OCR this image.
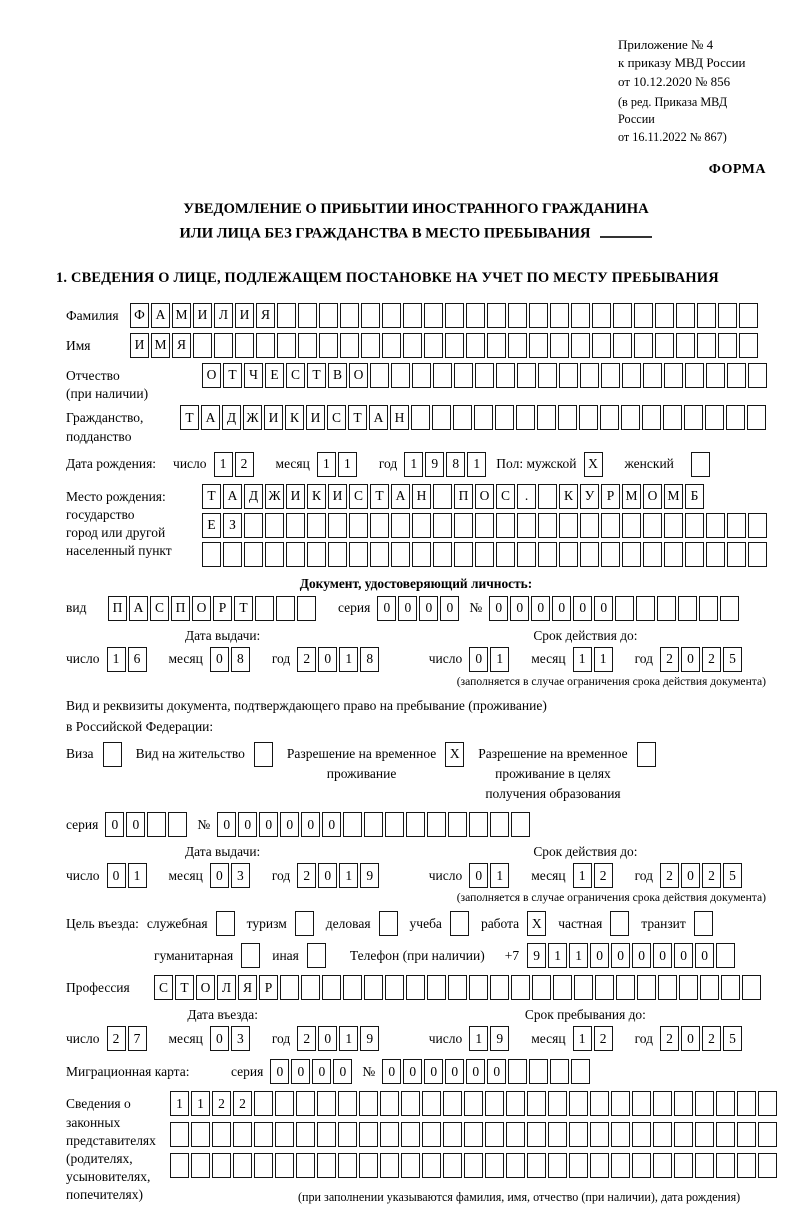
Приложение № 4
к приказу МВД России
от 10.12.2020 № 856
(в ред. Приказа МВД России
от 16.11.2022 № 867)
ФОРМА
УВЕДОМЛЕНИЕ О ПРИБЫТИИ ИНОСТРАННОГО ГРАЖДАНИНА
ИЛИ ЛИЦА БЕЗ ГРАЖДАНСТВА В МЕСТО ПРЕБЫВАНИЯ
1. СВЕДЕНИЯ О ЛИЦЕ, ПОДЛЕЖАЩЕМ ПОСТАНОВКЕ НА УЧЕТ ПО МЕСТУ ПРЕБЫВАНИЯ
Фамилия	Ф А М И Л И Я
Имя	И М Я
Отчество
(при наличии)
О Т Ч Е С Т В О
Гражданство,
подданство
Т А Д Ж И К И С Т А Н
Дата рождения:	число 1	2	месяц 1	1	год 1	9	8	1	Пол: мужской X	женский
Место рождения:
государство
город или другой
населенный пункт
Т А Д Ж И К И С Т А Н	П О С	.	К У Р М О М Б
Е З
Документ, удостоверяющий личность:
вид	П А С П О Р Т	серия 0	0	0	0	№ 0	0	0	0	0	0
Дата выдачи:
число 1	6	месяц 0	8	год 2	0	1	8
Срок действия до:
число 0	1	месяц 1	1	год 2	0	2	5
(заполняется в случае ограничения срока действия документа)
Вид и реквизиты документа, подтверждающего право на пребывание (проживание)
в Российской Федерации:
Виза	Вид на жительство	Разрешение на временное
проживание
X	Разрешение на временное
проживание в целях
получения образования
серия 0	0	№ 0	0	0	0	0	0
Дата выдачи:
число 0	1	месяц 0	3	год 2	0	1	9
Срок действия до:
число 0	1	месяц 1	2	год 2	0	2	5
(заполняется в случае ограничения срока действия документа)
Цель въезда: служебная	туризм	деловая	учеба	работа X	частная	транзит
гуманитарная	иная	Телефон (при наличии)	+7	9	1	1	0	0	0	0	0	0
Профессия	С Т О Л Я Р
Дата въезда:
число 2	7	месяц 0	3	год 2	0	1	9
Срок пребывания до:
число 1	9	месяц 1	2	год 2	0	2	5
Миграционная карта:	серия 0	0	0	0	№ 0	0	0	0	0	0
Сведения о
законных
представителях
(родителях,
усыновителях,
попечителях)
1	1	2	2
(при заполнении указываются фамилия, имя, отчество (при наличии), дата рождения)
